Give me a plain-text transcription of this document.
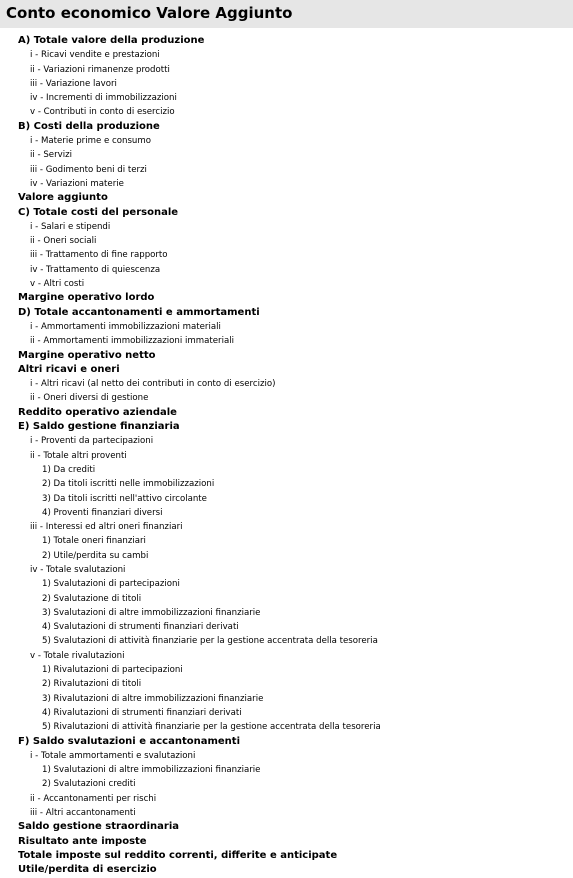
Conto economico Valore Aggiunto
A) Totale valore della produzione
i - Ricavi vendite e prestazioni
ii - Variazioni rimanenze prodotti
iii - Variazione lavori
iv - Incrementi di immobilizzazioni
v - Contributi in conto di esercizio
B) Costi della produzione
i - Materie prime e consumo
ii - Servizi
iii - Godimento beni di terzi
iv - Variazioni materie
Valore aggiunto
C) Totale costi del personale
i - Salari e stipendi
ii - Oneri sociali
iii - Trattamento di fine rapporto
iv - Trattamento di quiescenza
v - Altri costi
Margine operativo lordo
D) Totale accantonamenti e ammortamenti
i - Ammortamenti immobilizzazioni materiali
ii - Ammortamenti immobilizzazioni immateriali
Margine operativo netto
Altri ricavi e oneri
i - Altri ricavi (al netto dei contributi in conto di esercizio)
ii - Oneri diversi di gestione
Reddito operativo aziendale
E) Saldo gestione finanziaria
i - Proventi da partecipazioni
ii - Totale altri proventi
1) Da crediti
2) Da titoli iscritti nelle immobilizzazioni
3) Da titoli iscritti nell'attivo circolante
4) Proventi finanziari diversi
iii - Interessi ed altri oneri finanziari
1) Totale oneri finanziari
2) Utile/perdita su cambi
iv - Totale svalutazioni
1) Svalutazioni di partecipazioni
2) Svalutazione di titoli
3) Svalutazioni di altre immobilizzazioni finanziarie
4) Svalutazioni di strumenti finanziari derivati
5) Svalutazioni di attività finanziarie per la gestione accentrata della tesoreria
v - Totale rivalutazioni
1) Rivalutazioni di partecipazioni
2) Rivalutazioni di titoli
3) Rivalutazioni di altre immobilizzazioni finanziarie
4) Rivalutazioni di strumenti finanziari derivati
5) Rivalutazioni di attività finanziarie per la gestione accentrata della tesoreria
F) Saldo svalutazioni e accantonamenti
i - Totale ammortamenti e svalutazioni
1) Svalutazioni di altre immobilizzazioni finanziarie
2) Svalutazioni crediti
ii - Accantonamenti per rischi
iii - Altri accantonamenti
Saldo gestione straordinaria
Risultato ante imposte
Totale imposte sul reddito correnti, differite e anticipate
Utile/perdita di esercizio
